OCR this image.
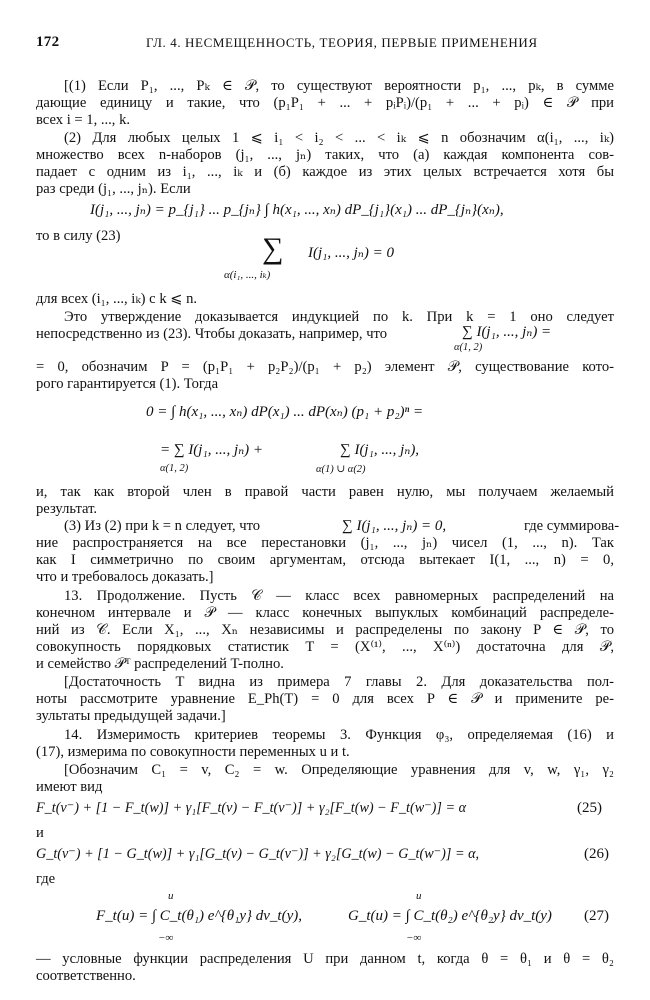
172	ГЛ. 4. НЕСМЕЩЕННОСТЬ, ТЕОРИЯ, ПЕРВЫЕ ПРИМЕНЕНИЯ
[(1) Если P₁, ..., Pₖ ∈ 𝒫, то существуют вероятности p₁, ..., pₖ, в сумме
дающие единицу и такие, что (p₁P₁ + ... + pᵢPᵢ)/(p₁ + ... + pᵢ) ∈ 𝒫 при
всех i = 1, ..., k.
(2) Для любых целых 1 ⩽ i₁ < i₂ < ... < iₖ ⩽ n обозначим α(i₁, ..., iₖ)
множество всех n-наборов (j₁, ..., jₙ) таких, что (а) каждая компонента сов-
падает с одним из i₁, ..., iₖ и (б) каждое из этих целых встречается хотя бы
раз среди (j₁, ..., jₙ). Если
I(j₁, ..., jₙ) = p_{j₁} ... p_{jₙ} ∫ h(x₁, ..., xₙ) dP_{j₁}(x₁) ... dP_{jₙ}(xₙ),
то в силу (23)	∑ I(j₁, ..., jₙ) = 0
α(i₁, ..., iₖ)
для всех (i₁, ..., iₖ) с k ⩽ n.
Это утверждение доказывается индукцией по k. При k = 1 оно следует
непосредственно из (23). Чтобы доказать, например, что	∑ I(j₁, ..., jₙ) =
α(1, 2)
= 0, обозначим P = (p₁P₁ + p₂P₂)/(p₁ + p₂) элемент 𝒫, существование кото-
рого гарантируется (1). Тогда
0 = ∫ h(x₁, ..., xₙ) dP(x₁) ... dP(xₙ) (p₁ + p₂)ⁿ =
= ∑ I(j₁, ..., jₙ) +
α(1, 2)
∑ I(j₁, ..., jₙ),
α(1) ∪ α(2)
и, так как второй член в правой части равен нулю, мы получаем желаемый
результат.
(3) Из (2) при k = n следует, что	∑ I(j₁, ..., jₙ) = 0,	где суммирова-
ние распространяется на все перестановки (j₁, ..., jₙ) чисел (1, ..., n). Так
как I симметрично по своим аргументам, отсюда вытекает I(1, ..., n) = 0,
что и требовалось доказать.]
13. Продолжение. Пусть 𝒞 — класс всех равномерных распределений на
конечном интервале и 𝒫 — класс конечных выпуклых комбинаций распределе-
ний из 𝒞. Если X₁, ..., Xₙ независимы и распределены по закону P ∈ 𝒫, то
совокупность порядковых статистик T = (X⁽¹⁾, ..., X⁽ⁿ⁾) достаточна для 𝒫,
и семейство 𝒫ᵀ распределений T-полно.
[Достаточность T видна из примера 7 главы 2. Для доказательства пол-
ноты рассмотрите уравнение E_Ph(T) = 0 для всех P ∈ 𝒫 и примените ре-
зультаты предыдущей задачи.]
14. Измеримость критериев теоремы 3. Функция φ₃, определяемая (16) и
(17), измерима по совокупности переменных u и t.
[Обозначим C₁ = v, C₂ = w. Определяющие уравнения для v, w, γ₁, γ₂
имеют вид
F_t(v⁻) + [1 − F_t(w)] + γ₁[F_t(v) − F_t(v⁻)] + γ₂[F_t(w) − F_t(w⁻)] = α	(25)
и
G_t(v⁻) + [1 − G_t(w)] + γ₁[G_t(v) − G_t(v⁻)] + γ₂[G_t(w) − G_t(w⁻)] = α,	(26)
где
u
F_t(u) = ∫ C_t(θ₁) e^{θ₁y} dν_t(y),
−∞
u
G_t(u) = ∫ C_t(θ₂) e^{θ₂y} dν_t(y)
−∞
(27)
— условные функции распределения U при данном t, когда θ = θ₁ и θ = θ₂
соответственно.
